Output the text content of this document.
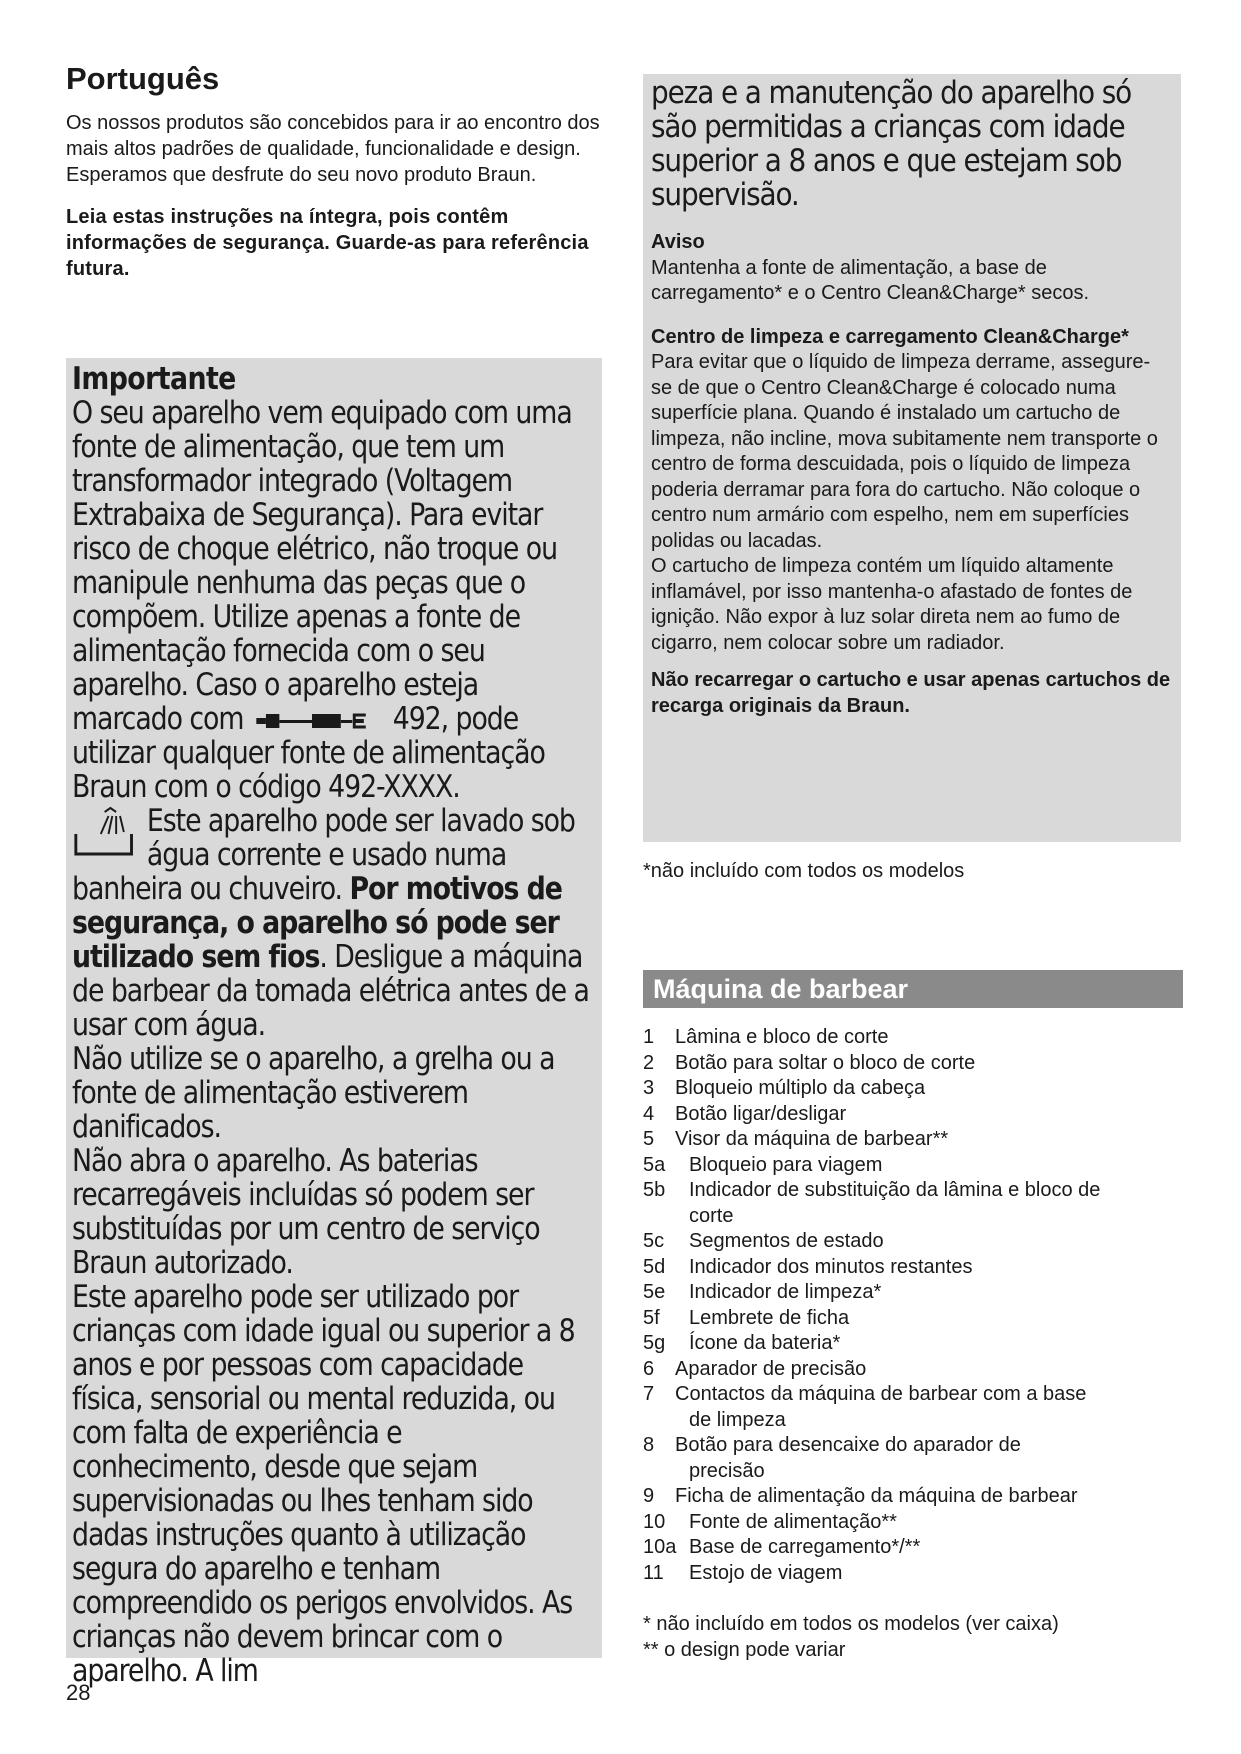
Português

Os nossos produtos são concebidos para ir ao encontro dos mais altos padrões de qualidade, funcionalidade e design. Esperamos que desfrute do seu novo produto Braun.

Leia estas instruções na íntegra, pois contêm informações de segurança. Guarde-as para referência futura.

Importante

O seu aparelho vem equipado com uma fonte de alimentação, que tem um transformador integrado (Voltagem Extrabaixa de Segurança). Para evitar risco de choque elétrico, não troque ou manipule nenhuma das peças que o compõem. Utilize apenas a fonte de alimentação fornecida com o seu aparelho. Caso o aparelho esteja marcado com	492, pode utilizar qualquer fonte de alimentação Braun com o código 492-XXXX.

Este aparelho pode ser lavado sob água corrente e usado numa banheira ou chuveiro. Por motivos de segurança, o aparelho só pode ser utilizado sem fios. Desligue a máquina de barbear da tomada elétrica antes de a usar com água.

Não utilize se o aparelho, a grelha ou a fonte de alimentação estiverem danificados.

Não abra o aparelho. As baterias recarregáveis incluídas só podem ser substituídas por um centro de serviço Braun autorizado.

Este aparelho pode ser utilizado por crianças com idade igual ou superior a 8 anos e por pessoas com capacidade física, sensorial ou mental reduzida, ou com falta de experiência e conhecimento, desde que sejam supervisionadas ou lhes tenham sido dadas instruções quanto à utilização segura do aparelho e tenham compreendido os perigos envolvidos. As crianças não devem brincar com o aparelho. A lim

peza e a manutenção do aparelho só são permitidas a crianças com idade superior a 8 anos e que estejam sob supervisão.

Aviso

Mantenha a fonte de alimentação, a base de carregamento* e o Centro Clean&Charge* secos.

Centro de limpeza e carregamento Clean&Charge*

Para evitar que o líquido de limpeza derrame, assegure-se de que o Centro Clean&Charge é colocado numa superfície plana. Quando é instalado um cartucho de limpeza, não incline, mova subitamente nem transporte o centro de forma descuidada, pois o líquido de limpeza poderia derramar para fora do cartucho. Não coloque o centro num armário com espelho, nem em superfícies polidas ou lacadas.

O cartucho de limpeza contém um líquido altamente inflamável, por isso mantenha-o afastado de fontes de ignição. Não expor à luz solar direta nem ao fumo de cigarro, nem colocar sobre um radiador.

Não recarregar o cartucho e usar apenas cartuchos de recarga originais da Braun.

*não incluído com todos os modelos
Máquina de barbear
1	Lâmina e bloco de corte
2	Botão para soltar o bloco de corte
3	Bloqueio múltiplo da cabeça
4	Botão ligar/desligar
5	Visor da máquina de barbear**
5a	Bloqueio para viagem
5b	Indicador de substituição da lâmina e bloco de
corte
5c	Segmentos de estado
5d	Indicador dos minutos restantes
5e	Indicador de limpeza*
5f	Lembrete de ficha
5g	Ícone da bateria*
6	Aparador de precisão
7	Contactos da máquina de barbear com a base
de limpeza
8	Botão para desencaixe do aparador de
precisão
9	Ficha de alimentação da máquina de barbear
10	Fonte de alimentação**
10a Base de carregamento*/**
11	Estojo de viagem
* não incluído em todos os modelos (ver caixa)
** o design pode variar
28
